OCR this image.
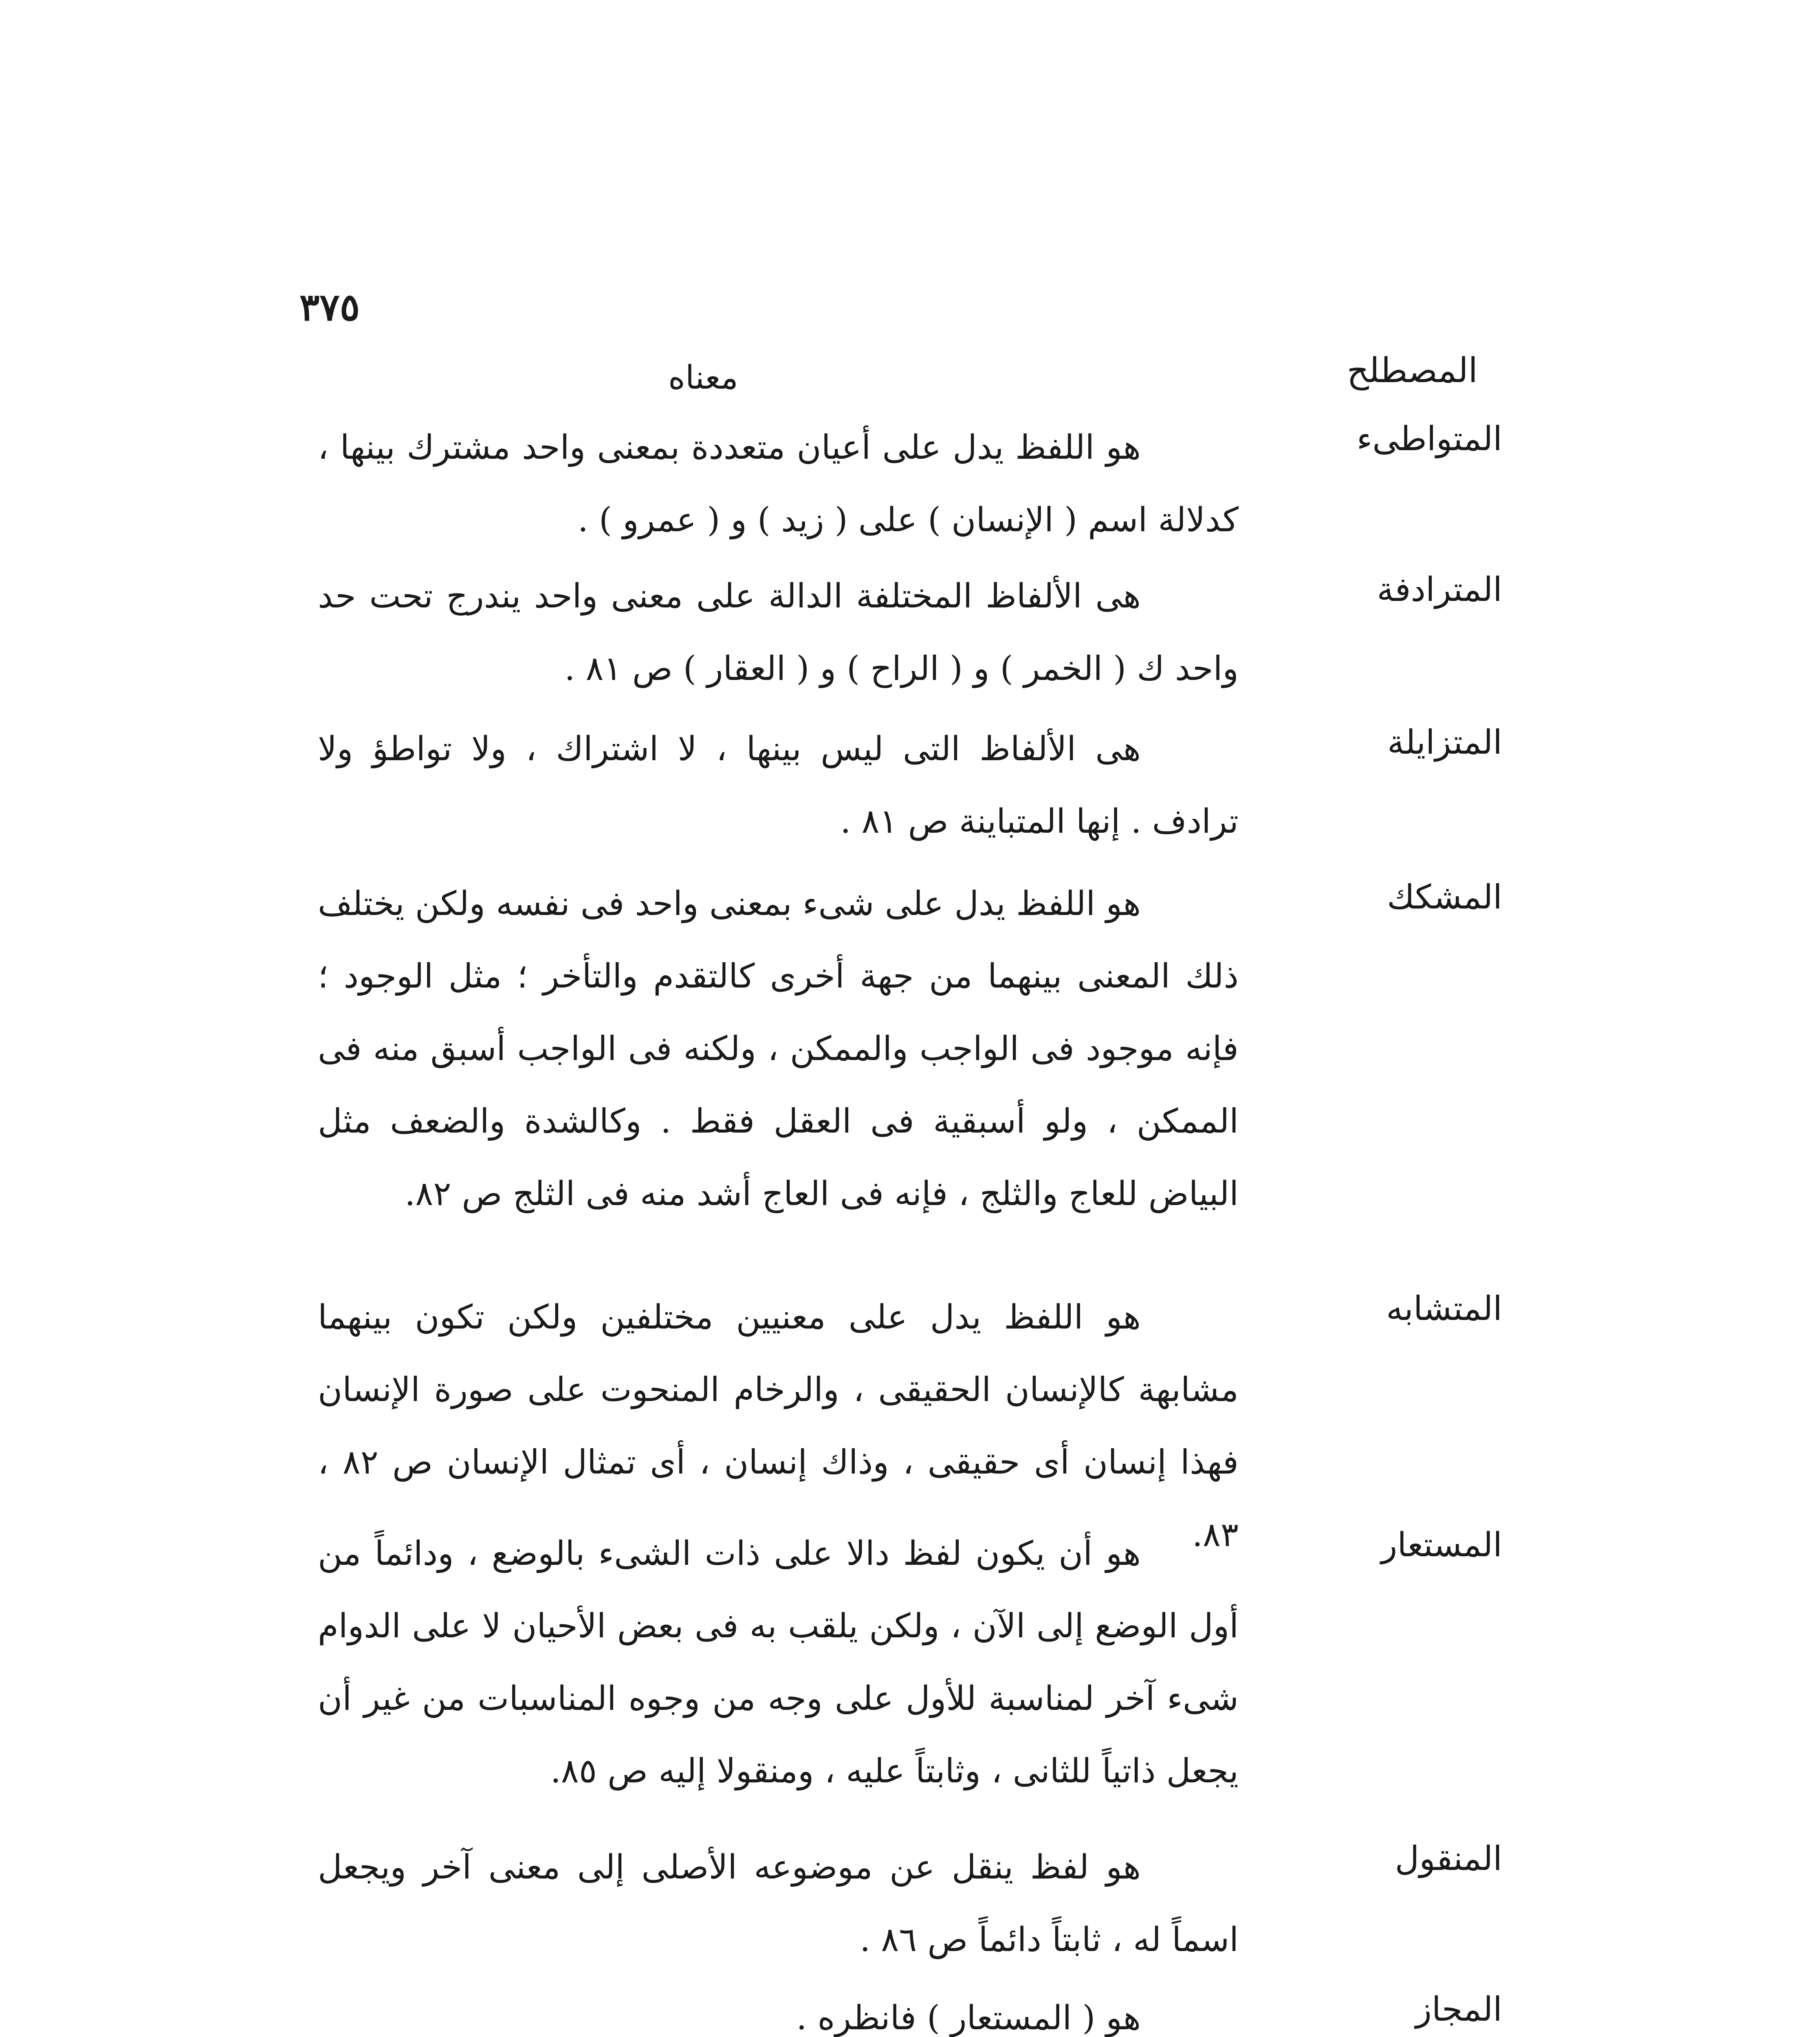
٣٧٥
المصطلح
معناه
المتواطىء
هو اللفظ يدل على أعيان متعددة بمعنى واحد مشترك بينها ، كدلالة اسم ( الإنسان ) على ( زيد ) و ( عمرو ) .
المترادفة
هى الألفاظ المختلفة الدالة على معنى واحد يندرج تحت حد واحد ك ( الخمر ) و ( الراح ) و ( العقار ) ص ٨١ .
المتزايلة
هى الألفاظ التى ليس بينها ، لا اشتراك ، ولا تواطؤ ولا ترادف . إنها المتباينة ص ٨١ .
المشكك
هو اللفظ يدل على شىء بمعنى واحد فى نفسه ولكن يختلف ذلك المعنى بينهما من جهة أخرى كالتقدم والتأخر ؛ مثل الوجود ؛ فإنه موجود فى الواجب والممكن ، ولكنه فى الواجب أسبق منه فى الممكن ، ولو أسبقية فى العقل فقط . وكالشدة والضعف مثل البياض للعاج والثلج ، فإنه فى العاج أشد منه فى الثلج ص ٨٢.
المتشابه
هو اللفظ يدل على معنيين مختلفين ولكن تكون بينهما مشابهة كالإنسان الحقيقى ، والرخام المنحوت على صورة الإنسان فهذا إنسان أى حقيقى ، وذاك إنسان ، أى تمثال الإنسان ص ٨٢ ، ٨٣.	المستعار
هو أن يكون لفظ دالا على ذات الشىء بالوضع ، ودائماً من أول الوضع إلى الآن ، ولكن يلقب به فى بعض الأحيان لا على الدوام شىء آخر لمناسبة للأول على وجه من وجوه المناسبات من غير أن يجعل ذاتياً للثانى ، وثابتاً عليه ، ومنقولا إليه ص ٨٥.
المنقول
هو لفظ ينقل عن موضوعه الأصلى إلى معنى آخر ويجعل اسماً له ، ثابتاً دائماً ص ٨٦ .
المجاز
هو ( المستعار ) فانظره .
